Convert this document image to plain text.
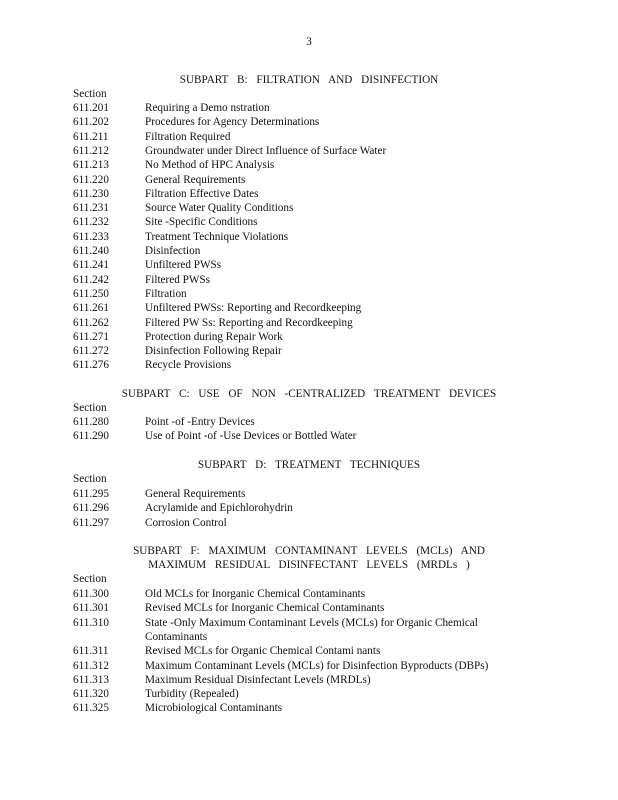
3
SUBPART B: FILTRATION AND DISINFECTION
Section
611.201	Requiring a Demo nstration
611.202	Procedures for Agency Determinations
611.211	Filtration Required
611.212	Groundwater under Direct Influence of Surface Water
611.213	No Method of HPC Analysis
611.220	General Requirements
611.230	Filtration Effective Dates
611.231	Source Water Quality Conditions
611.232	Site -Specific Conditions
611.233	Treatment Technique Violations
611.240	Disinfection
611.241	Unfiltered PWSs
611.242	Filtered PWSs
611.250	Filtration
611.261	Unfiltered PWSs: Reporting and Recordkeeping
611.262	Filtered PW Ss: Reporting and Recordkeeping
611.271	Protection during Repair Work
611.272	Disinfection Following Repair
611.276	Recycle Provisions
SUBPART C: USE OF NON -CENTRALIZED TREATMENT DEVICES
Section
611.280	Point -of -Entry Devices
611.290	Use of Point -of -Use Devices or Bottled Water
SUBPART D: TREATMENT TECHNIQUES
Section
611.295	General Requirements
611.296	Acrylamide and Epichlorohydrin
611.297	Corrosion Control
SUBPART F: MAXIMUM CONTAMINANT LEVELS (MCLs) AND
MAXIMUM RESIDUAL DISINFECTANT LEVELS (MRDLs )
Section
611.300	Old MCLs for Inorganic Chemical Contaminants
611.301	Revised MCLs for Inorganic Chemical Contaminants
611.310	State -Only Maximum Contaminant Levels (MCLs) for Organic Chemical
Contaminants
611.311	Revised MCLs for Organic Chemical Contami nants
611.312	Maximum Contaminant Levels (MCLs) for Disinfection Byproducts (DBPs)
611.313	Maximum Residual Disinfectant Levels (MRDLs)
611.320	Turbidity (Repealed)
611.325	Microbiological Contaminants
